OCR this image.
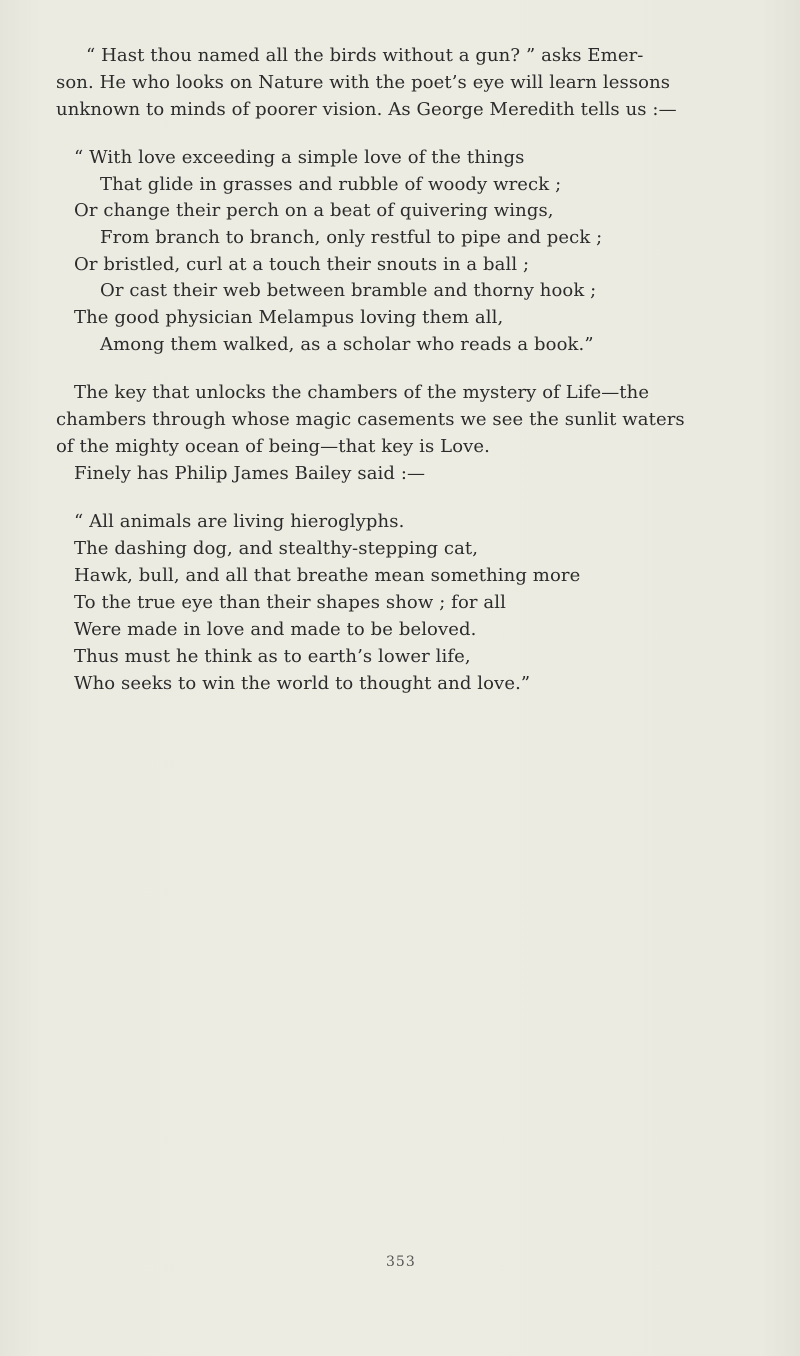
“ Hast thou named all the birds without a gun? ” asks Emer-
son. He who looks on Nature with the poet’s eye will learn lessons
unknown to minds of poorer vision. As George Meredith tells us :—
“ With love exceeding a simple love of the things
That glide in grasses and rubble of woody wreck ;
Or change their perch on a beat of quivering wings,
From branch to branch, only restful to pipe and peck ;
Or bristled, curl at a touch their snouts in a ball ;
Or cast their web between bramble and thorny hook ;
The good physician Melampus loving them all,
Among them walked, as a scholar who reads a book.”
The key that unlocks the chambers of the mystery of Life—the
chambers through whose magic casements we see the sunlit waters
of the mighty ocean of being—that key is Love.
Finely has Philip James Bailey said :—
“ All animals are living hieroglyphs.
The dashing dog, and stealthy-stepping cat,
Hawk, bull, and all that breathe mean something more
To the true eye than their shapes show ; for all
Were made in love and made to be beloved.
Thus must he think as to earth’s lower life,
Who seeks to win the world to thought and love.”
353
